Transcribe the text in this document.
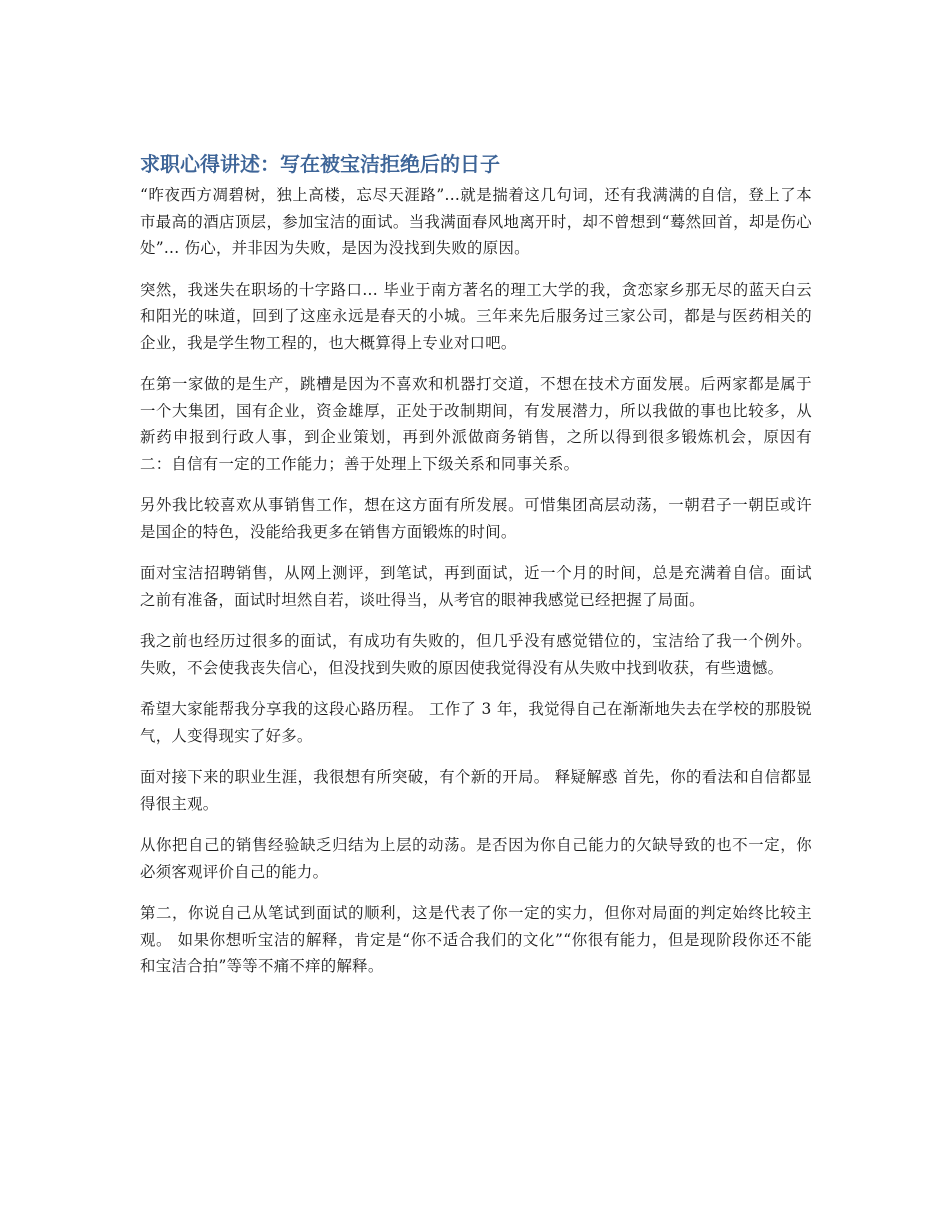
求职心得讲述：写在被宝洁拒绝后的日子

“昨夜西方凋碧树，独上高楼，忘尽天涯路”...就是揣着这几句词，还有我满满的自信，登上了本市最高的酒店顶层，参加宝洁的面试。当我满面春风地离开时，却不曾想到“蓦然回首，却是伤心处”... 伤心，并非因为失败，是因为没找到失败的原因。

突然，我迷失在职场的十字路口... 毕业于南方著名的理工大学的我，贪恋家乡那无尽的蓝天白云和阳光的味道，回到了这座永远是春天的小城。三年来先后服务过三家公司，都是与医药相关的企业，我是学生物工程的，也大概算得上专业对口吧。

在第一家做的是生产，跳槽是因为不喜欢和机器打交道，不想在技术方面发展。后两家都是属于一个大集团，国有企业，资金雄厚，正处于改制期间，有发展潜力，所以我做的事也比较多，从新药申报到行政人事，到企业策划，再到外派做商务销售，之所以得到很多锻炼机会，原因有二：自信有一定的工作能力；善于处理上下级关系和同事关系。

另外我比较喜欢从事销售工作，想在这方面有所发展。可惜集团高层动荡，一朝君子一朝臣或许是国企的特色，没能给我更多在销售方面锻炼的时间。

面对宝洁招聘销售，从网上测评，到笔试，再到面试，近一个月的时间，总是充满着自信。面试之前有准备，面试时坦然自若，谈吐得当，从考官的眼神我感觉已经把握了局面。

我之前也经历过很多的面试，有成功有失败的，但几乎没有感觉错位的，宝洁给了我一个例外。失败，不会使我丧失信心，但没找到失败的原因使我觉得没有从失败中找到收获，有些遗憾。

希望大家能帮我分享我的这段心路历程。 工作了 3 年，我觉得自己在渐渐地失去在学校的那股锐气，人变得现实了好多。

面对接下来的职业生涯，我很想有所突破，有个新的开局。 释疑解惑 首先，你的看法和自信都显得很主观。

从你把自己的销售经验缺乏归结为上层的动荡。是否因为你自己能力的欠缺导致的也不一定，你必须客观评价自己的能力。

第二，你说自己从笔试到面试的顺利，这是代表了你一定的实力，但你对局面的判定始终比较主观。 如果你想听宝洁的解释，肯定是“你不适合我们的文化”“你很有能力，但是现阶段你还不能和宝洁合拍”等等不痛不痒的解释。
